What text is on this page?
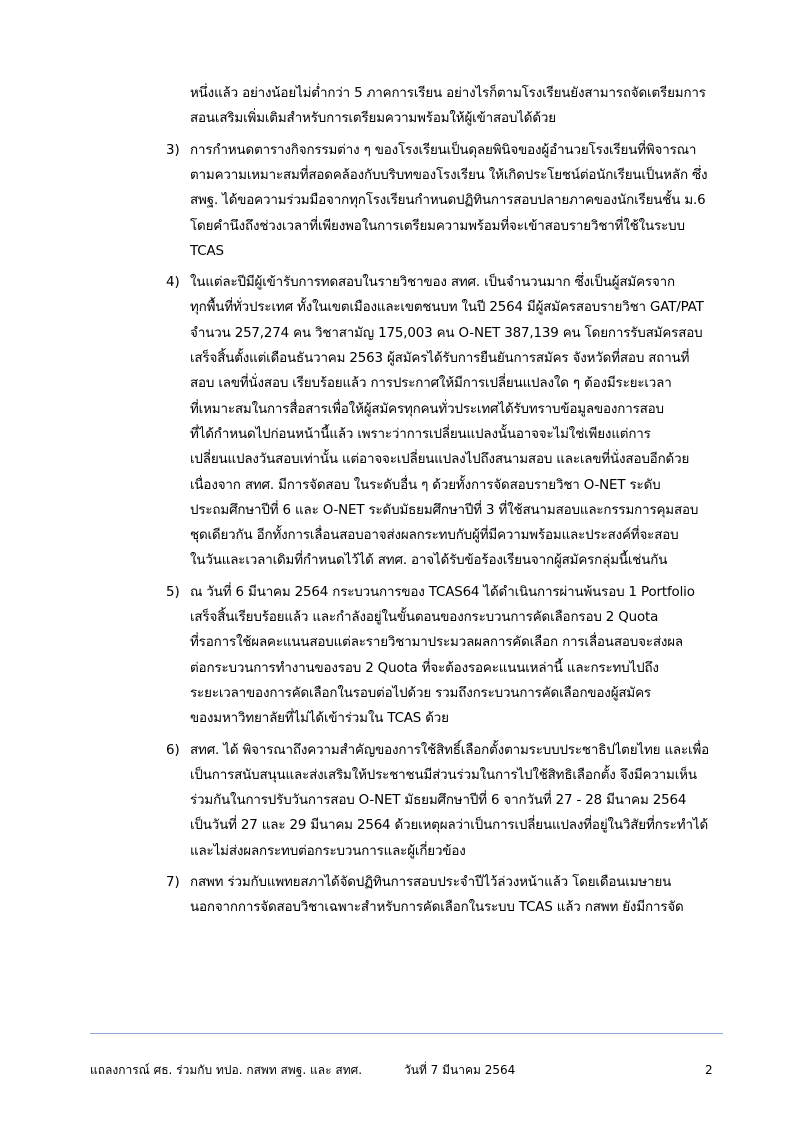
หนึ่งแล้ว อย่างน้อยไม่ต่ำกว่า 5 ภาคการเรียน อย่างไรก็ตามโรงเรียนยังสามารถจัดเตรียมการ
สอนเสริมเพิ่มเติมสำหรับการเตรียมความพร้อมให้ผู้เข้าสอบได้ด้วย
3) การกำหนดตารางกิจกรรมต่าง ๆ ของโรงเรียนเป็นดุลยพินิจของผู้อำนวยโรงเรียนที่พิจารณา
ตามความเหมาะสมที่สอดคล้องกับบริบทของโรงเรียน ให้เกิดประโยชน์ต่อนักเรียนเป็นหลัก ซึ่ง
สพฐ. ได้ขอความร่วมมือจากทุกโรงเรียนกำหนดปฏิทินการสอบปลายภาคของนักเรียนชั้น ม.6
โดยคำนึงถึงช่วงเวลาที่เพียงพอในการเตรียมความพร้อมที่จะเข้าสอบรายวิชาที่ใช้ในระบบ
TCAS
4) ในแต่ละปีมีผู้เข้ารับการทดสอบในรายวิชาของ สทศ. เป็นจำนวนมาก ซึ่งเป็นผู้สมัครจาก
ทุกพื้นที่ทั่วประเทศ ทั้งในเขตเมืองและเขตชนบท ในปี 2564 มีผู้สมัครสอบรายวิชา GAT/PAT
จำนวน 257,274 คน วิชาสามัญ 175,003 คน O-NET 387,139 คน โดยการรับสมัครสอบ
เสร็จสิ้นตั้งแต่เดือนธันวาคม 2563 ผู้สมัครได้รับการยืนยันการสมัคร จังหวัดที่สอบ สถานที่
สอบ เลขที่นั่งสอบ เรียบร้อยแล้ว การประกาศให้มีการเปลี่ยนแปลงใด ๆ ต้องมีระยะเวลา
ที่เหมาะสมในการสื่อสารเพื่อให้ผู้สมัครทุกคนทั่วประเทศได้รับทราบข้อมูลของการสอบ
ที่ได้กำหนดไปก่อนหน้านี้แล้ว เพราะว่าการเปลี่ยนแปลงนั้นอาจจะไม่ใช่เพียงแต่การ
เปลี่ยนแปลงวันสอบเท่านั้น แต่อาจจะเปลี่ยนแปลงไปถึงสนามสอบ และเลขที่นั่งสอบอีกด้วย
เนื่องจาก สทศ. มีการจัดสอบ ในระดับอื่น ๆ ด้วยทั้งการจัดสอบรายวิชา O-NET ระดับ
ประถมศึกษาปีที่ 6 และ O-NET ระดับมัธยมศึกษาปีที่ 3 ที่ใช้สนามสอบและกรรมการคุมสอบ
ชุดเดียวกัน อีกทั้งการเลื่อนสอบอาจส่งผลกระทบกับผู้ที่มีความพร้อมและประสงค์ที่จะสอบ
ในวันและเวลาเดิมที่กำหนดไว้ได้ สทศ. อาจได้รับข้อร้องเรียนจากผู้สมัครกลุ่มนี้เช่นกัน
5) ณ วันที่ 6 มีนาคม 2564 กระบวนการของ TCAS64 ได้ดำเนินการผ่านพ้นรอบ 1 Portfolio
เสร็จสิ้นเรียบร้อยแล้ว และกำลังอยู่ในขั้นตอนของกระบวนการคัดเลือกรอบ 2 Quota
ที่รอการใช้ผลคะแนนสอบแต่ละรายวิชามาประมวลผลการคัดเลือก การเลื่อนสอบจะส่งผล
ต่อกระบวนการทำงานของรอบ 2 Quota ที่จะต้องรอคะแนนเหล่านี้ และกระทบไปถึง
ระยะเวลาของการคัดเลือกในรอบต่อไปด้วย รวมถึงกระบวนการคัดเลือกของผู้สมัคร
ของมหาวิทยาลัยที่ไม่ได้เข้าร่วมใน TCAS ด้วย
6) สทศ. ได้ พิจารณาถึงความสำคัญของการใช้สิทธิ์เลือกตั้งตามระบบประชาธิปไตยไทย และเพื่อ
เป็นการสนับสนุนและส่งเสริมให้ประชาชนมีส่วนร่วมในการไปใช้สิทธิเลือกตั้ง จึงมีความเห็น
ร่วมกันในการปรับวันการสอบ O-NET มัธยมศึกษาปีที่ 6 จากวันที่ 27 - 28 มีนาคม 2564
เป็นวันที่ 27 และ 29 มีนาคม 2564 ด้วยเหตุผลว่าเป็นการเปลี่ยนแปลงที่อยู่ในวิสัยที่กระทำได้
และไม่ส่งผลกระทบต่อกระบวนการและผู้เกี่ยวข้อง
7) กสพท ร่วมกับแพทยสภาได้จัดปฏิทินการสอบประจำปีไว้ล่วงหน้าแล้ว โดยเดือนเมษายน
นอกจากการจัดสอบวิชาเฉพาะสำหรับการคัดเลือกในระบบ TCAS แล้ว กสพท ยังมีการจัด
แถลงการณ์ ศธ. ร่วมกับ ทปอ. กสพท สพฐ. และ สทศ.	วันที่ 7 มีนาคม 2564	2
